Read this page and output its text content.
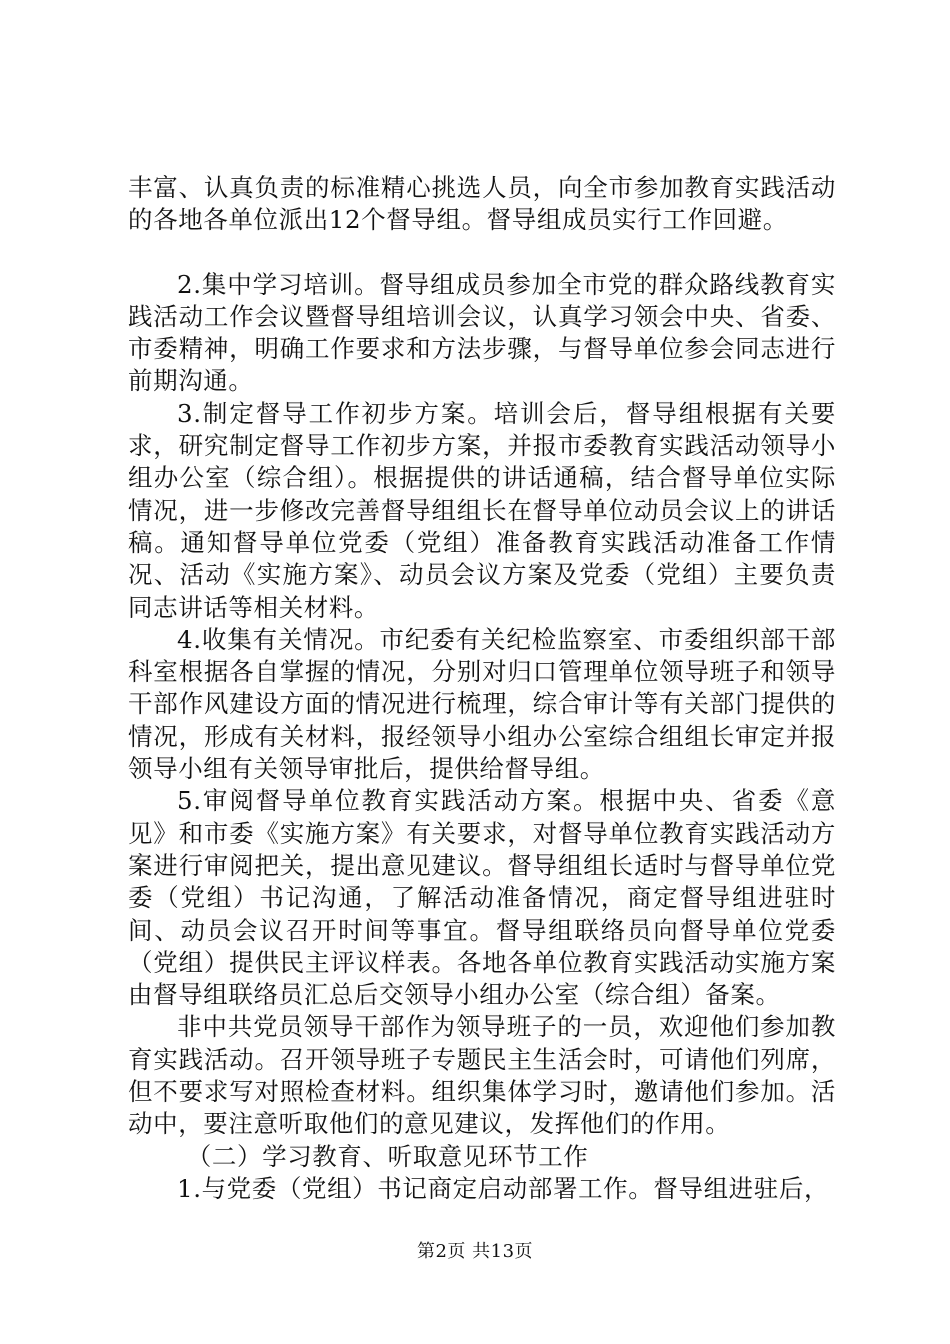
丰富、认真负责的标准精心挑选人员，向全市参加教育实践活动的各地各单位派出12个督导组。督导组成员实行工作回避。

2.集中学习培训。督导组成员参加全市党的群众路线教育实践活动工作会议暨督导组培训会议，认真学习领会中央、省委、市委精神，明确工作要求和方法步骤，与督导单位参会同志进行前期沟通。

3.制定督导工作初步方案。培训会后，督导组根据有关要求，研究制定督导工作初步方案，并报市委教育实践活动领导小组办公室（综合组）。根据提供的讲话通稿，结合督导单位实际情况，进一步修改完善督导组组长在督导单位动员会议上的讲话稿。通知督导单位党委（党组）准备教育实践活动准备工作情况、活动《实施方案》、动员会议方案及党委（党组）主要负责同志讲话等相关材料。

4.收集有关情况。市纪委有关纪检监察室、市委组织部干部科室根据各自掌握的情况，分别对归口管理单位领导班子和领导干部作风建设方面的情况进行梳理，综合审计等有关部门提供的情况，形成有关材料，报经领导小组办公室综合组组长审定并报领导小组有关领导审批后，提供给督导组。

5.审阅督导单位教育实践活动方案。根据中央、省委《意见》和市委《实施方案》有关要求，对督导单位教育实践活动方案进行审阅把关，提出意见建议。督导组组长适时与督导单位党委（党组）书记沟通，了解活动准备情况，商定督导组进驻时间、动员会议召开时间等事宜。督导组联络员向督导单位党委（党组）提供民主评议样表。各地各单位教育实践活动实施方案由督导组联络员汇总后交领导小组办公室（综合组）备案。

非中共党员领导干部作为领导班子的一员，欢迎他们参加教育实践活动。召开领导班子专题民主生活会时，可请他们列席，但不要求写对照检查材料。组织集体学习时，邀请他们参加。活动中，要注意听取他们的意见建议，发挥他们的作用。

（二）学习教育、听取意见环节工作

1.与党委（党组）书记商定启动部署工作。督导组进驻后，

第2页 共13页
